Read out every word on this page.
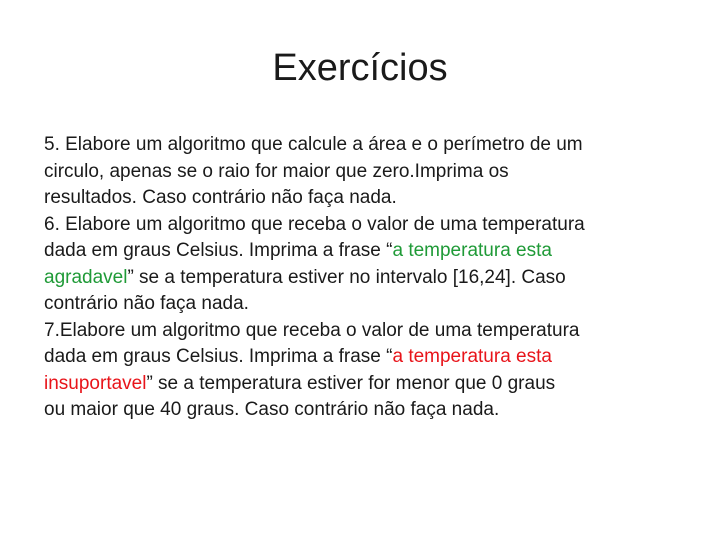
Exercícios

5. Elabore um algoritmo que calcule a área e o perímetro de um
circulo, apenas se o raio for maior que zero.Imprima os
resultados. Caso contrário não faça nada.

6. Elabore um algoritmo que receba o valor de uma temperatura
dada em graus Celsius. Imprima a frase “a temperatura esta
agradavel” se a temperatura estiver no intervalo [16,24]. Caso
contrário não faça nada.

7.Elabore um algoritmo que receba o valor de uma temperatura
dada em graus Celsius. Imprima a frase “a temperatura esta
insuportavel” se a temperatura estiver for menor que 0 graus
ou maior que 40 graus. Caso contrário não faça nada.
